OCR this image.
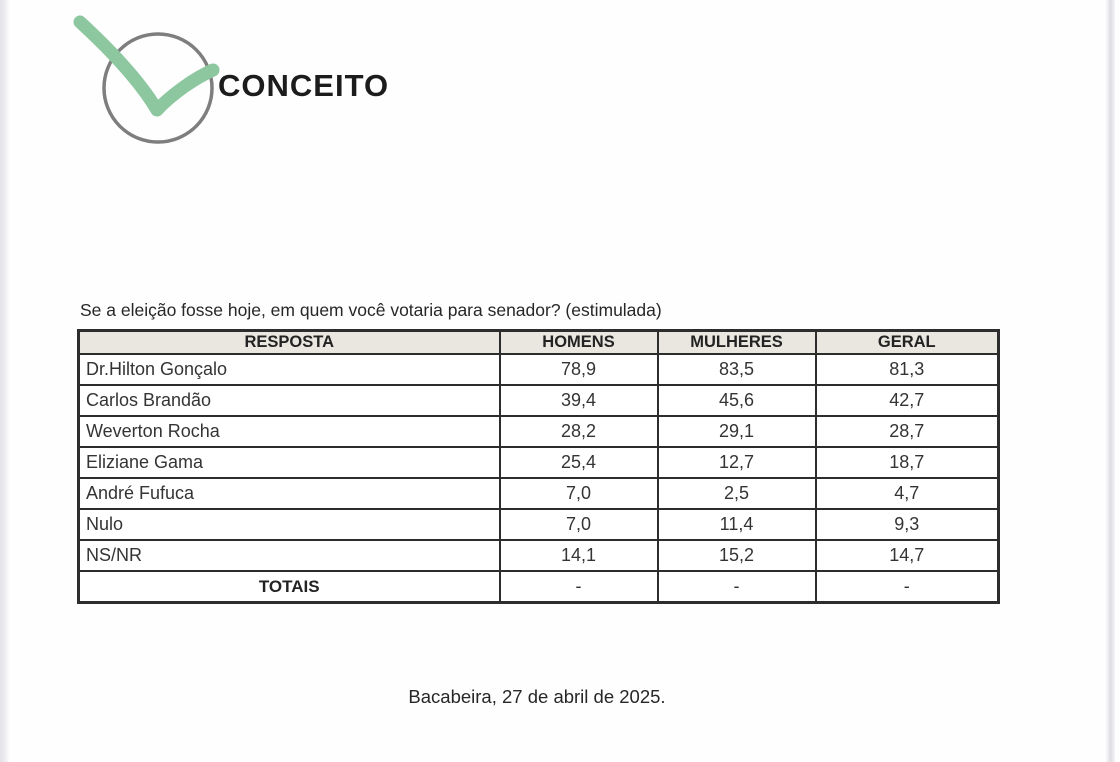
CONCEITO
Se a eleição fosse hoje, em quem você votaria para senador? (estimulada)
RESPOSTA	HOMENS	MULHERES	GERAL
Dr.Hilton Gonçalo	78,9	83,5	81,3
Carlos Brandão	39,4	45,6	42,7
Weverton Rocha	28,2	29,1	28,7
Eliziane Gama	25,4	12,7	18,7
André Fufuca	7,0	2,5	4,7
Nulo	7,0	11,4	9,3
NS/NR	14,1	15,2	14,7
TOTAIS	-	-	-
Bacabeira, 27 de abril de 2025.
